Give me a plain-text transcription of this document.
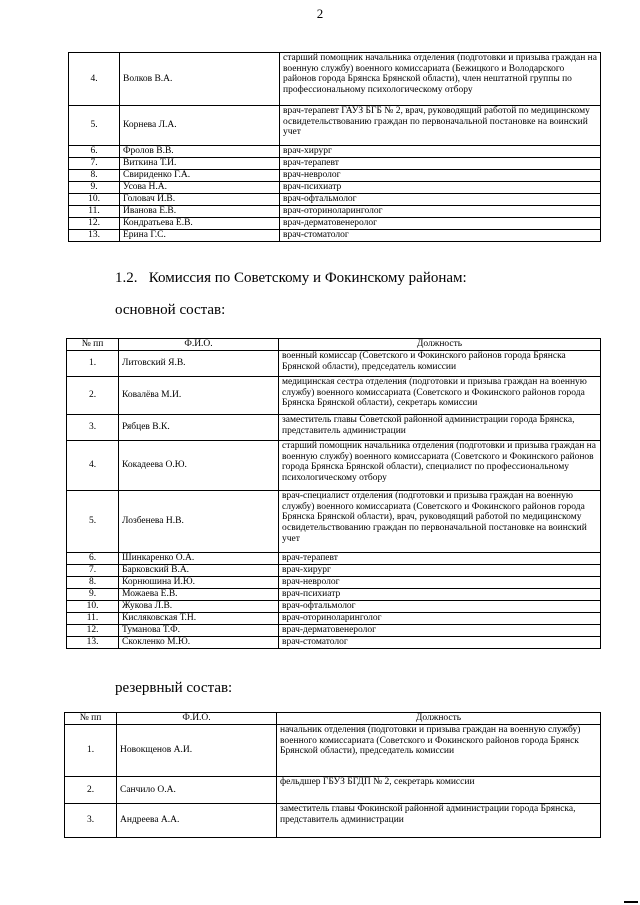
2
4.	Волков В.А.	старший помощник начальника отделения (подготовки и призыва граждан на военную службу) военного комиссариата (Бежицкого и Володарского районов города Брянска Брянской области), член нештатной группы по профессиональному психологическому отбору
5.	Корнева Л.А.	врач-терапевт ГАУЗ БГБ № 2, врач, руководящий работой по медицинскому освидетельствованию граждан по первоначальной постановке на воинский учет
6.	Фролов В.В.	врач-хирург
7.	Виткина Т.И.	врач-терапевт
8.	Свириденко Г.А.	врач-невролог
9.	Усова Н.А.	врач-психиатр
10.	Головач И.В.	врач-офтальмолог
11.	Иванова Е.В.	врач-оториноларинголог
12.	Кондратьева Е.В.	врач-дерматовенеролог
13.	Ерина Г.С.	врач-стоматолог
1.2.   Комиссия по Советскому и Фокинскому районам:
основной состав:
№ пп	Ф.И.О.	Должность
1.	Литовский Я.В.	военный комиссар (Советского и Фокинского районов города Брянска Брянской области), председатель комиссии
2.	Ковалёва М.И.	медицинская сестра отделения (подготовки и призыва граждан на военную службу) военного комиссариата (Советского и Фокинского районов города Брянска Брянской области), секретарь комиссии
3.	Рябцев В.К.	заместитель главы Советской районной администрации города Брянска, представитель администрации
4.	Кокадеева О.Ю.	старший помощник начальника отделения (подготовки и призыва граждан на военную службу) военного комиссариата (Советского и Фокинского районов города Брянска Брянской области), специалист по профессиональному психологическому отбору
5.	Лозбенева Н.В.	врач-специалист отделения (подготовки и призыва граждан на военную службу) военного комиссариата (Советского и Фокинского районов города Брянска Брянской области), врач, руководящий работой по медицинскому освидетельствованию граждан по первоначальной постановке на воинский учет
6.	Шинкаренко О.А.	врач-терапевт
7.	Барковский В.А.	врач-хирург
8.	Корнюшина И.Ю.	врач-невролог
9.	Можаева Е.В.	врач-психиатр
10.	Жукова Л.В.	врач-офтальмолог
11.	Кисляковская Т.Н.	врач-оториноларинголог
12.	Туманова Т.Ф.	врач-дерматовенеролог
13.	Скокленко М.Ю.	врач-стоматолог
резервный состав:
№ пп	Ф.И.О.	Должность
1.	Новокщенов А.И.	начальник отделения (подготовки и призыва граждан на военную службу) военного комиссариата (Советского и Фокинского районов города Брянск Брянской области), председатель комиссии
2.	Санчило О.А.	фельдшер ГБУЗ БГДП № 2, секретарь комиссии
3.	Андреева А.А.	заместитель главы Фокинской районной администрации города Брянска, представитель администрации
